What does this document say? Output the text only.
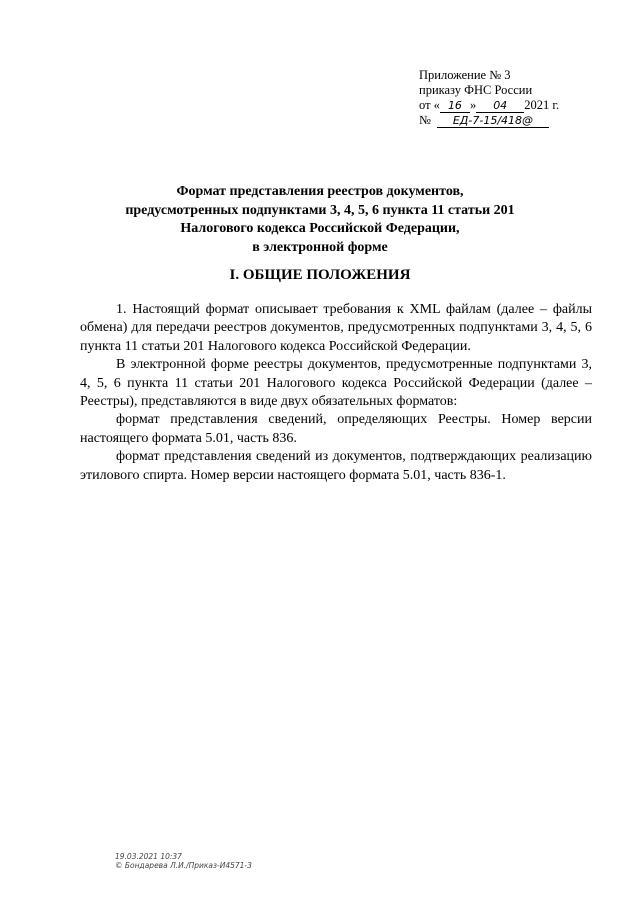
Приложение № 3
приказу ФНС России
от « 16 » 04 2021 г.
№ ЕД-7-15/418@
Формат представления реестров документов,
предусмотренных подпунктами 3, 4, 5, 6 пункта 11 статьи 201
Налогового кодекса Российской Федерации,
в электронной форме
I. ОБЩИЕ ПОЛОЖЕНИЯ

1. Настоящий формат описывает требования к XML файлам (далее – файлы обмена) для передачи реестров документов, предусмотренных подпунктами 3, 4, 5, 6 пункта 11 статьи 201 Налогового кодекса Российской Федерации.

В электронной форме реестры документов, предусмотренные подпунктами 3, 4, 5, 6 пункта 11 статьи 201 Налогового кодекса Российской Федерации (далее – Реестры), представляются в виде двух обязательных форматов:

формат представления сведений, определяющих Реестры. Номер версии настоящего формата 5.01, часть 836.

формат представления сведений из документов, подтверждающих реализацию этилового спирта. Номер версии настоящего формата 5.01, часть 836-1.

19.03.2021 10:37
© Бондарева Л.И./Приказ-И4571-3
